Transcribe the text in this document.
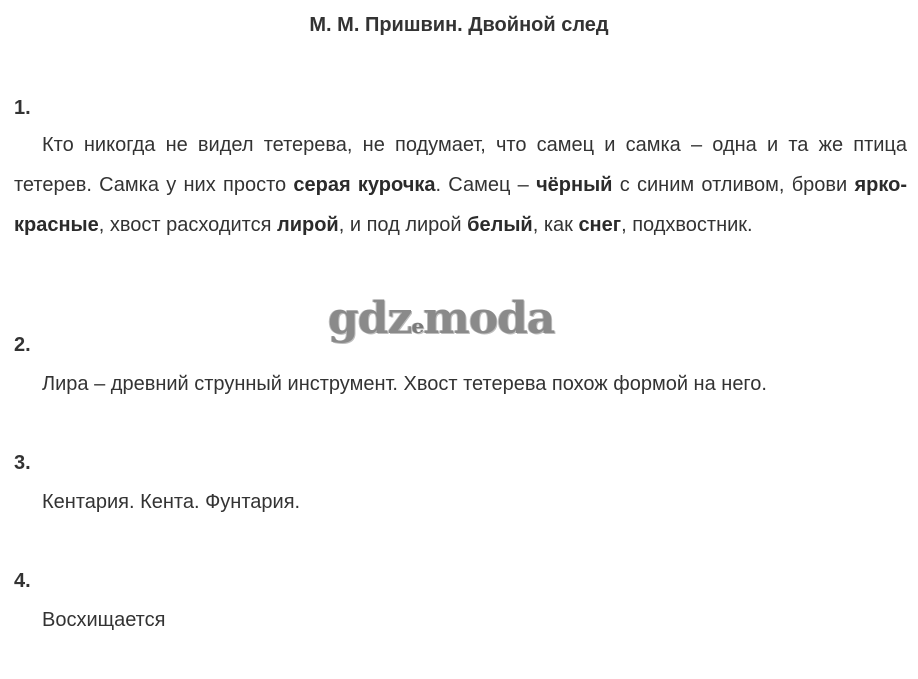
М. М. Пришвин. Двойной след
1.
Кто никогда не видел тетерева, не подумает, что самец и самка – одна и та же птица тетерев. Самка у них просто серая курочка. Самец – чёрный с синим отливом, брови ярко-красные, хвост расходится лирой, и под лирой белый, как снег, подхвостник.
gdzemoda
2.
Лира – древний струнный инструмент. Хвост тетерева похож формой на него.
3.
Кентария. Кента. Фунтария.
4.
Восхищается
